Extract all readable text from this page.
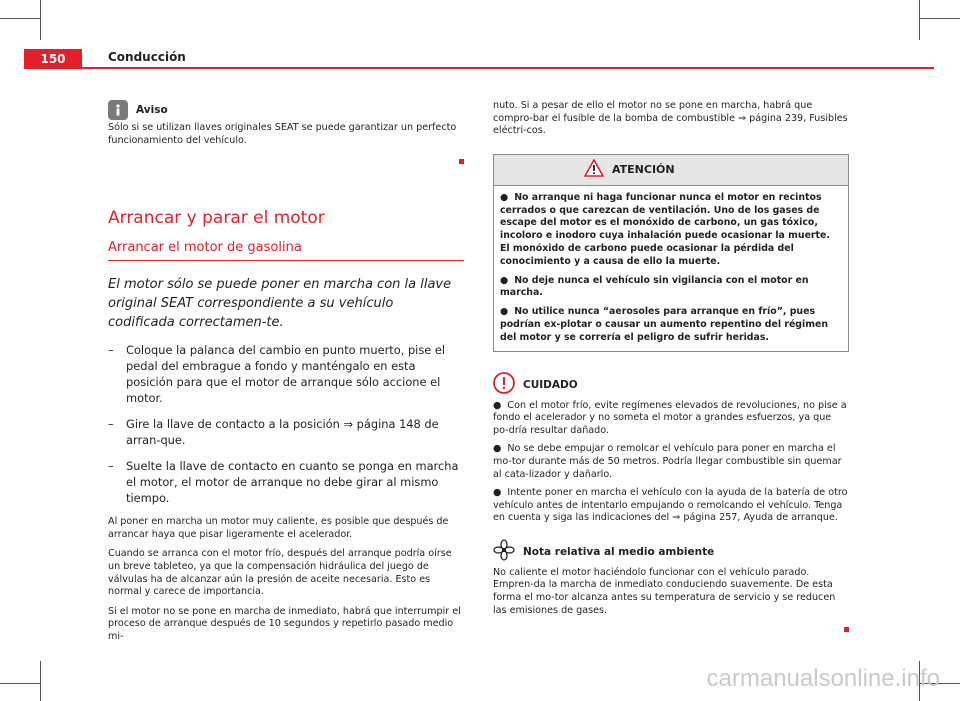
150	Conducción
Aviso
Sólo si se utilizan llaves originales SEAT se puede garantizar un perfecto funcionamiento del vehículo.
Arrancar y parar el motor
Arrancar el motor de gasolina
El motor sólo se puede poner en marcha con la llave original SEAT correspondiente a su vehículo codificada correctamen-te.
– Coloque la palanca del cambio en punto muerto, pise el pedal del embrague a fondo y manténgalo en esta posición para que el motor de arranque sólo accione el motor.
– Gire la llave de contacto a la posición ⇒ página 148 de arran-que.
– Suelte la llave de contacto en cuanto se ponga en marcha el motor, el motor de arranque no debe girar al mismo tiempo.
Al poner en marcha un motor muy caliente, es posible que después de arrancar haya que pisar ligeramente el acelerador.
Cuando se arranca con el motor frío, después del arranque podría oírse un breve tableteo, ya que la compensación hidráulica del juego de válvulas ha de alcanzar aún la presión de aceite necesaria. Esto es normal y carece de importancia.
Si el motor no se pone en marcha de inmediato, habrá que interrumpir el proceso de arranque después de 10 segundos y repetirlo pasado medio mi-
nuto. Si a pesar de ello el motor no se pone en marcha, habrá que compro-bar el fusible de la bomba de combustible ⇒ página 239, Fusibles eléctri-cos.
ATENCIÓN
● No arranque ni haga funcionar nunca el motor en recintos cerrados o que carezcan de ventilación. Uno de los gases de escape del motor es el monóxido de carbono, un gas tóxico, incoloro e inodoro cuya inhalación puede ocasionar la muerte. El monóxido de carbono puede ocasionar la pérdida del conocimiento y a causa de ello la muerte.
● No deje nunca el vehículo sin vigilancia con el motor en marcha.
● No utilice nunca “aerosoles para arranque en frío”, pues podrían ex-plotar o causar un aumento repentino del régimen del motor y se correría el peligro de sufrir heridas.
CUIDADO
● Con el motor frío, evite regímenes elevados de revoluciones, no pise a fondo el acelerador y no someta el motor a grandes esfuerzos, ya que po-dría resultar dañado.
● No se debe empujar o remolcar el vehículo para poner en marcha el mo-tor durante más de 50 metros. Podría llegar combustible sin quemar al cata-lizador y dañarlo.
● Intente poner en marcha el vehículo con la ayuda de la batería de otro vehículo antes de intentarlo empujando o remolcando el vehículo. Tenga en cuenta y siga las indicaciones del ⇒ página 257, Ayuda de arranque.
Nota relativa al medio ambiente
No caliente el motor haciéndolo funcionar con el vehículo parado. Empren-da la marcha de inmediato conduciendo suavemente. De esta forma el mo-tor alcanza antes su temperatura de servicio y se reducen las emisiones de gases.
carmanualsonline.info
